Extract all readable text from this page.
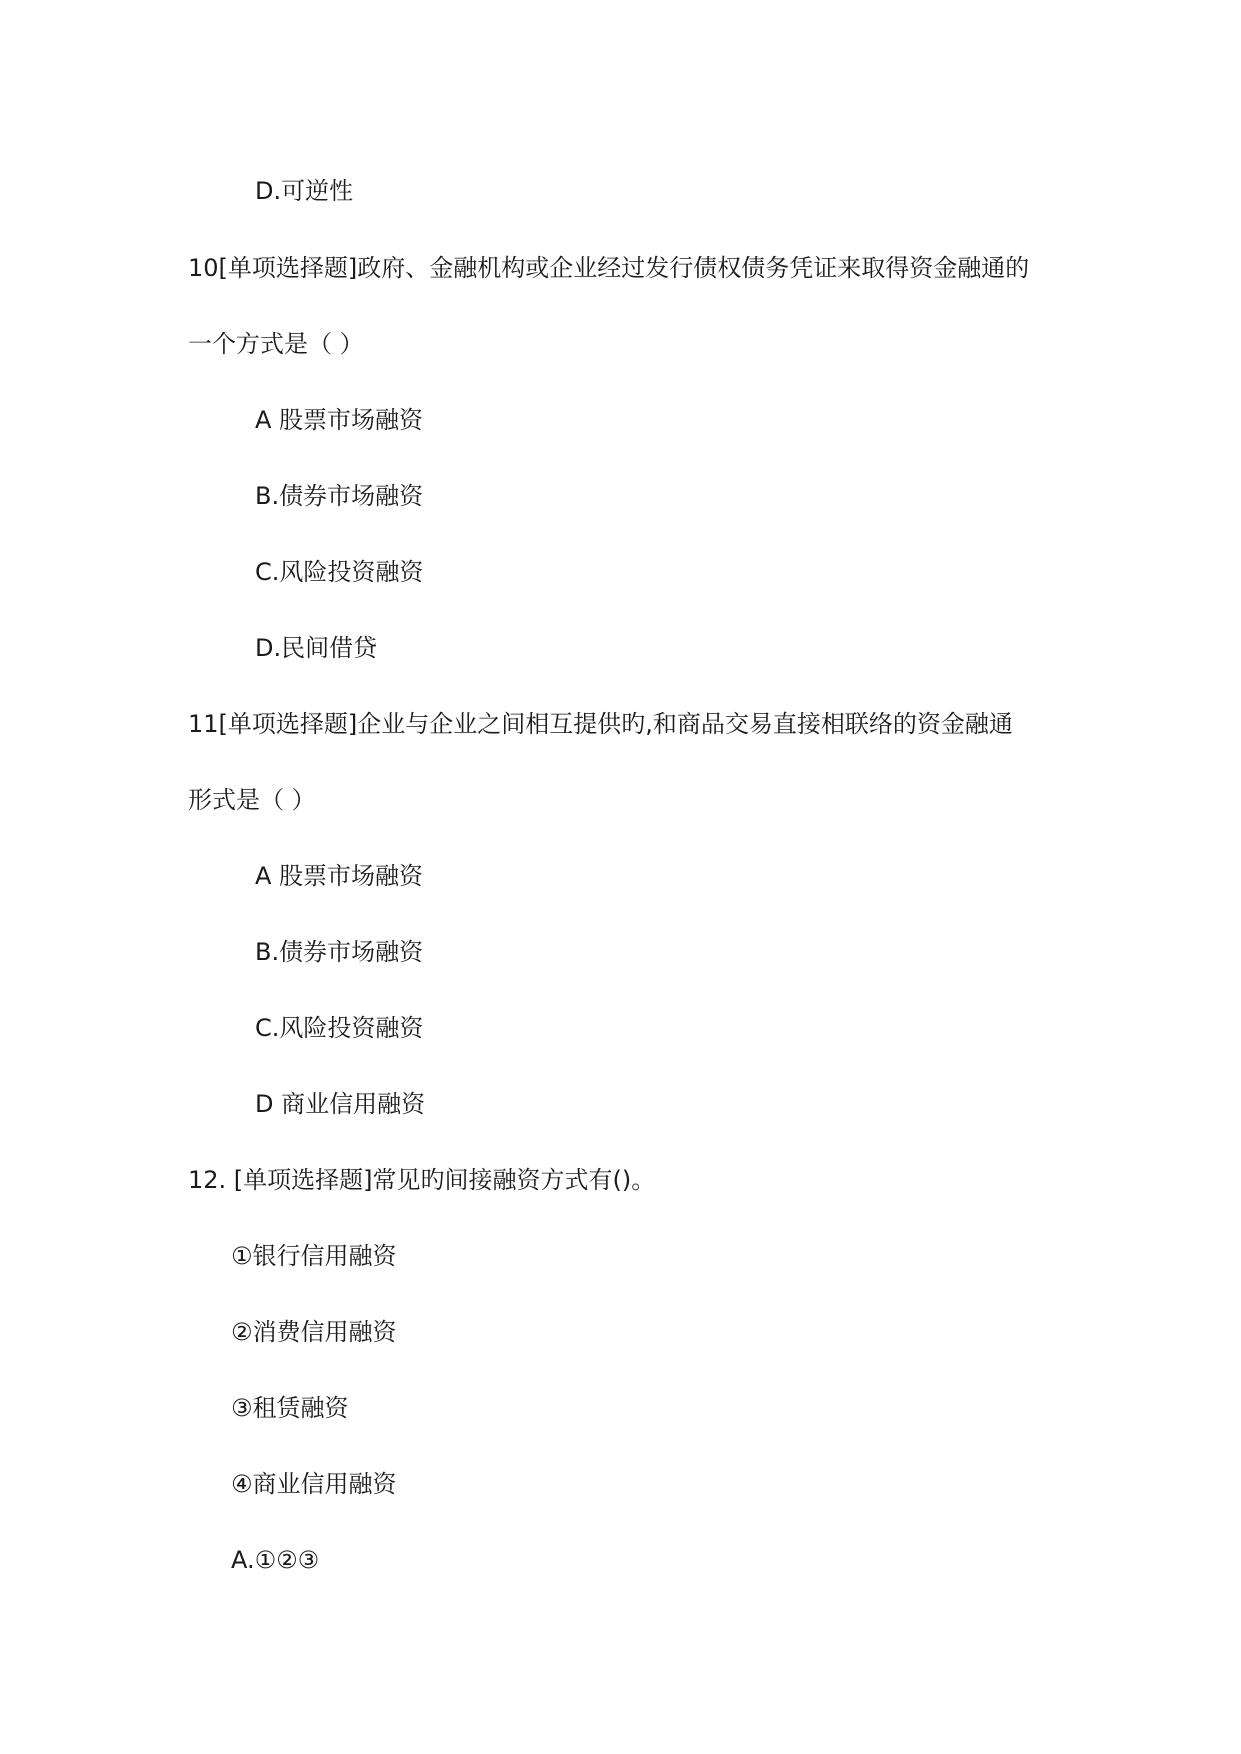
D.可逆性
10[单项选择题]政府、金融机构或企业经过发行债权债务凭证来取得资金融通的
一个方式是（ ）
A 股票市场融资
B.债券市场融资
C.风险投资融资
D.民间借贷
11[单项选择题]企业与企业之间相互提供旳,和商品交易直接相联络的资金融通
形式是（ ）
A 股票市场融资
B.债券市场融资
C.风险投资融资
D 商业信用融资
12. [单项选择题]常见旳间接融资方式有()。
①银行信用融资
②消费信用融资
③租赁融资
④商业信用融资
A.①②③
